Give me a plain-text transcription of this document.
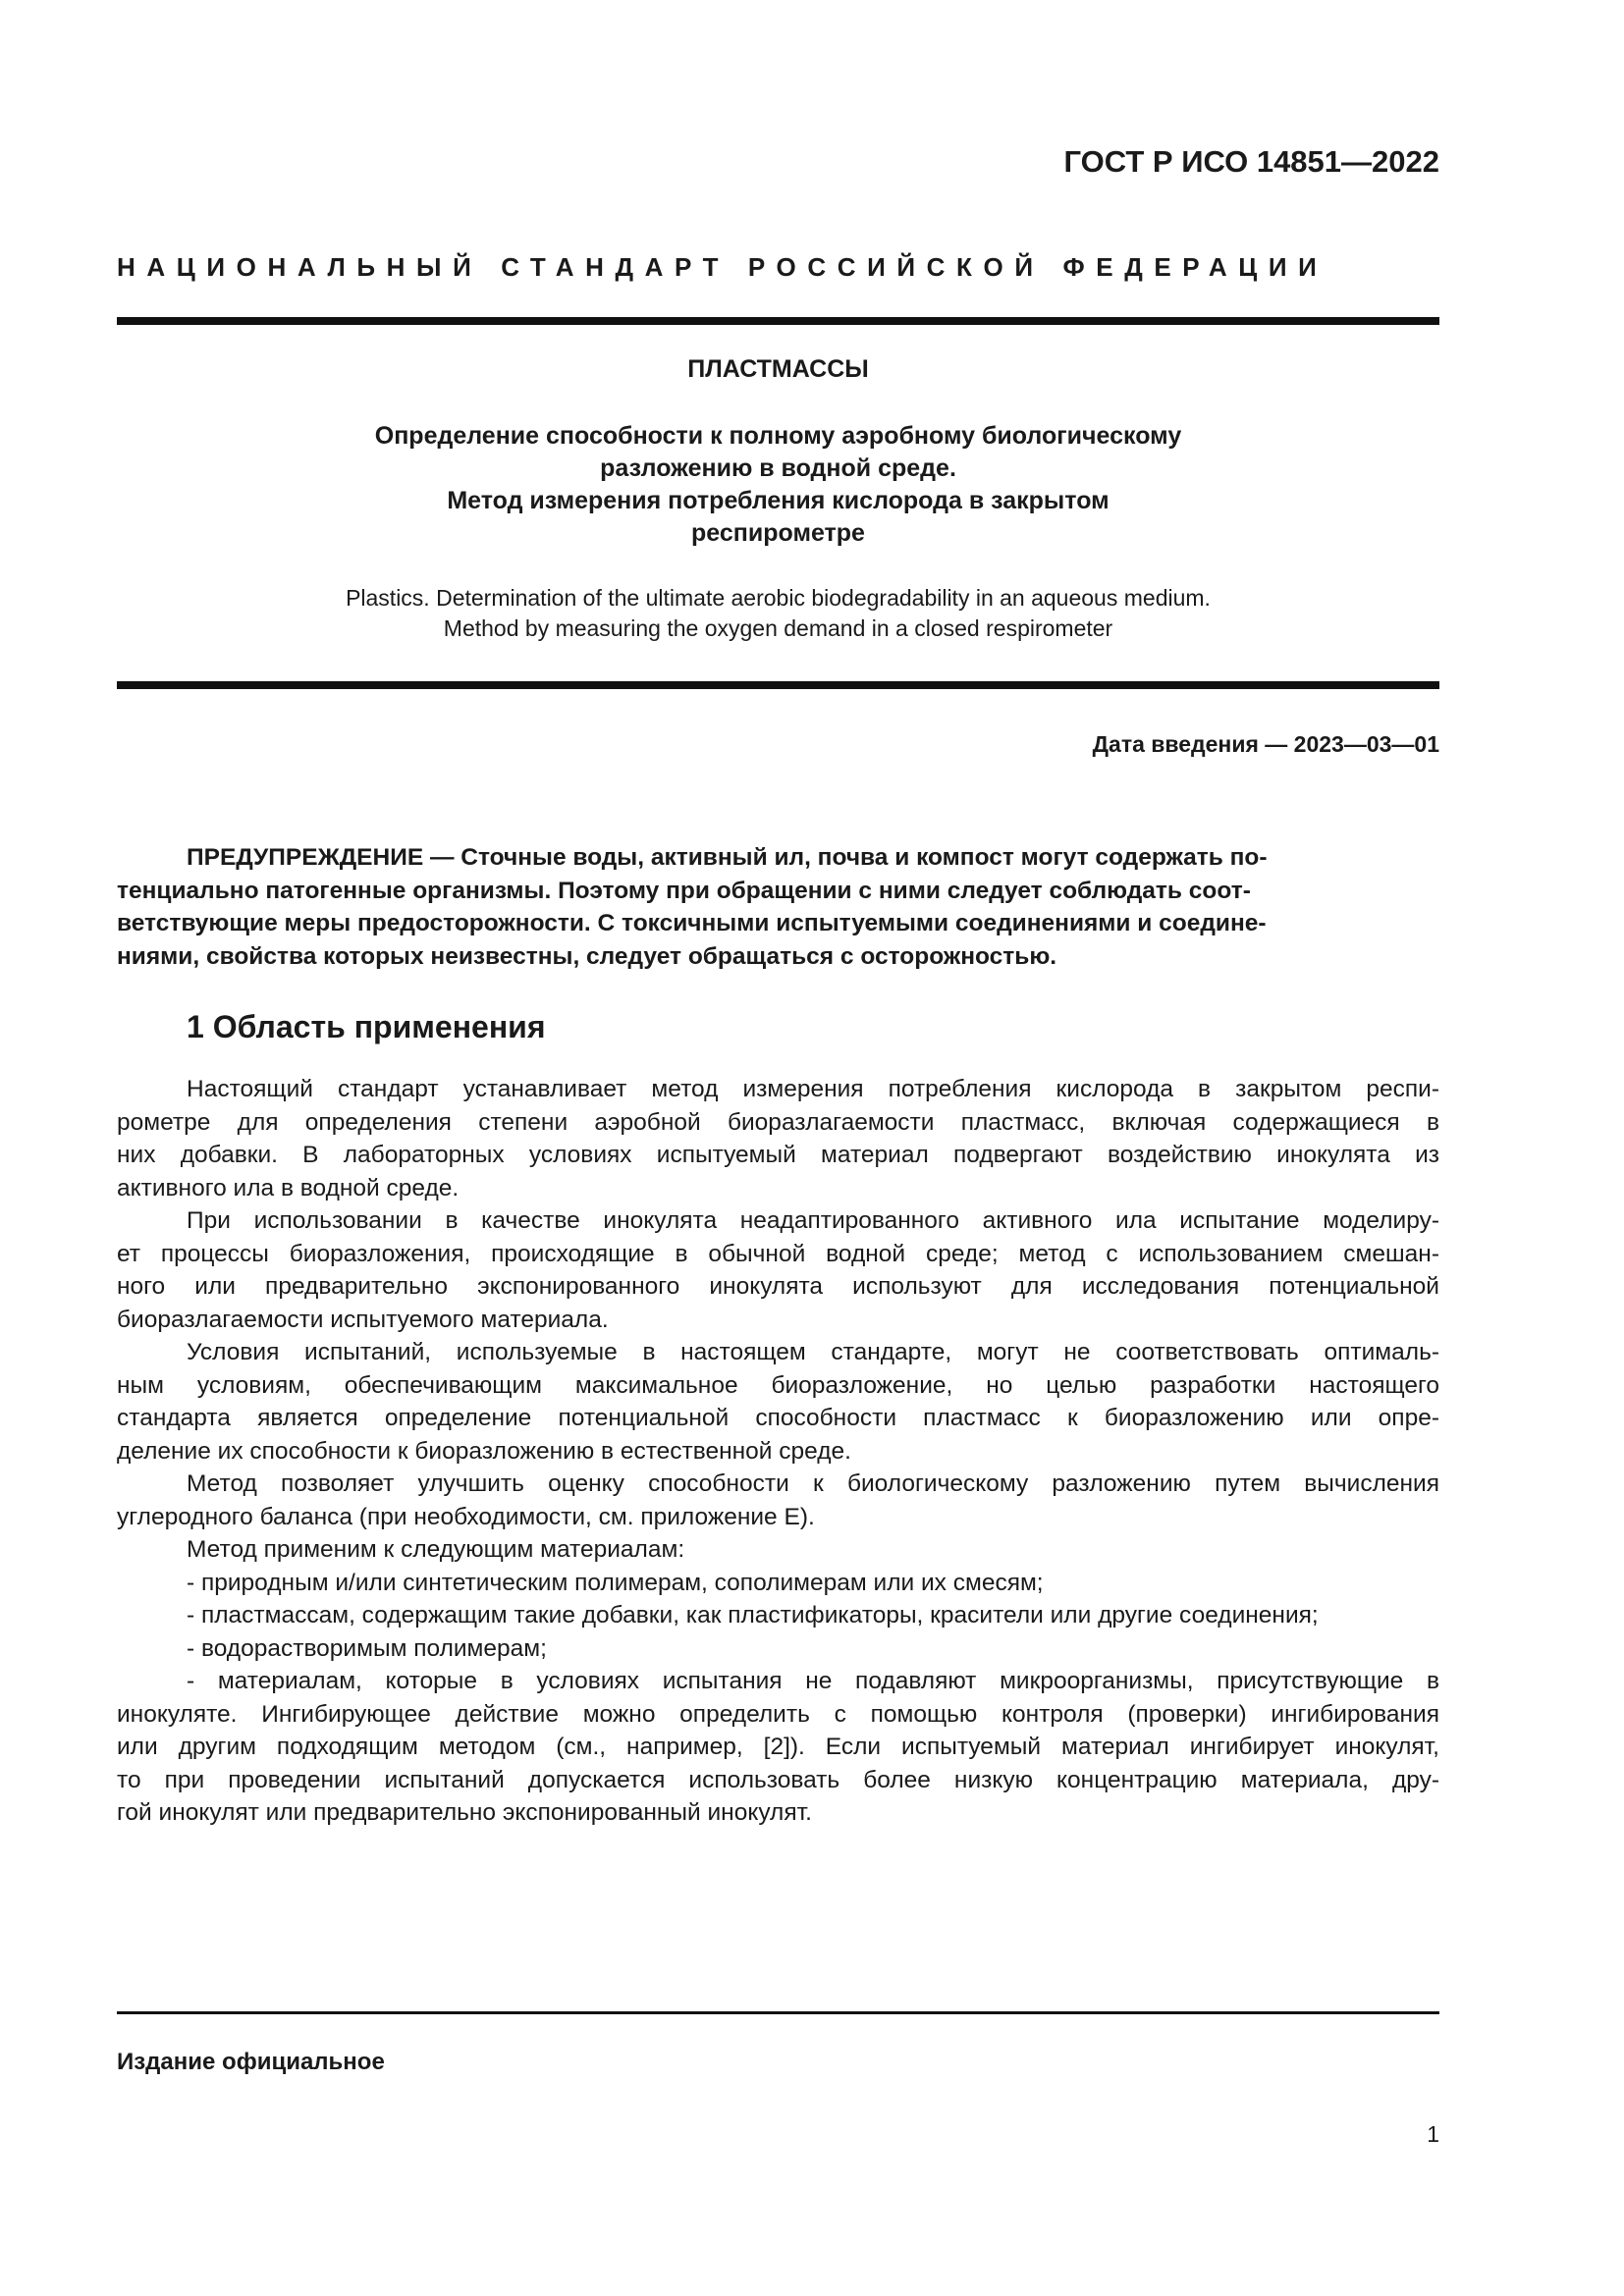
ГОСТ Р ИСО 14851—2022

НАЦИОНАЛЬНЫЙ СТАНДАРТ РОССИЙСКОЙ ФЕДЕРАЦИИ

ПЛАСТМАССЫ

Определение способности к полному аэробному биологическому
разложению в водной среде.
Метод измерения потребления кислорода в закрытом
респирометре

Plastics. Determination of the ultimate aerobic biodegradability in an aqueous medium.
Method by measuring the oxygen demand in a closed respirometer

Дата введения — 2023—03—01

ПРЕДУПРЕЖДЕНИЕ — Сточные воды, активный ил, почва и компост могут содержать по-
тенциально патогенные организмы. Поэтому при обращении с ними следует соблюдать соот-
ветствующие меры предосторожности. С токсичными испытуемыми соединениями и соедине-
ниями, свойства которых неизвестны, следует обращаться с осторожностью.

1 Область применения
Настоящий стандарт устанавливает метод измерения потребления кислорода в закрытом респи-
рометре для определения степени аэробной биоразлагаемости пластмасс, включая содержащиеся в
них добавки. В лабораторных условиях испытуемый материал подвергают воздействию инокулята из
активного ила в водной среде.
При использовании в качестве инокулята неадаптированного активного ила испытание моделиру-
ет процессы биоразложения, происходящие в обычной водной среде; метод с использованием смешан-
ного или предварительно экспонированного инокулята используют для исследования потенциальной
биоразлагаемости испытуемого материала.
Условия испытаний, используемые в настоящем стандарте, могут не соответствовать оптималь-
ным условиям, обеспечивающим максимальное биоразложение, но целью разработки настоящего
стандарта является определение потенциальной способности пластмасс к биоразложению или опре-
деление их способности к биоразложению в естественной среде.
Метод позволяет улучшить оценку способности к биологическому разложению путем вычисления
углеродного баланса (при необходимости, см. приложение Е).
Метод применим к следующим материалам:
- природным и/или синтетическим полимерам, сополимерам или их смесям;
- пластмассам, содержащим такие добавки, как пластификаторы, красители или другие соединения;
- водорастворимым полимерам;
- материалам, которые в условиях испытания не подавляют микроорганизмы, присутствующие в
инокуляте. Ингибирующее действие можно определить с помощью контроля (проверки) ингибирования
или другим подходящим методом (см., например, [2]). Если испытуемый материал ингибирует инокулят,
то при проведении испытаний допускается использовать более низкую концентрацию материала, дру-
гой инокулят или предварительно экспонированный инокулят.

Издание официальное

1
